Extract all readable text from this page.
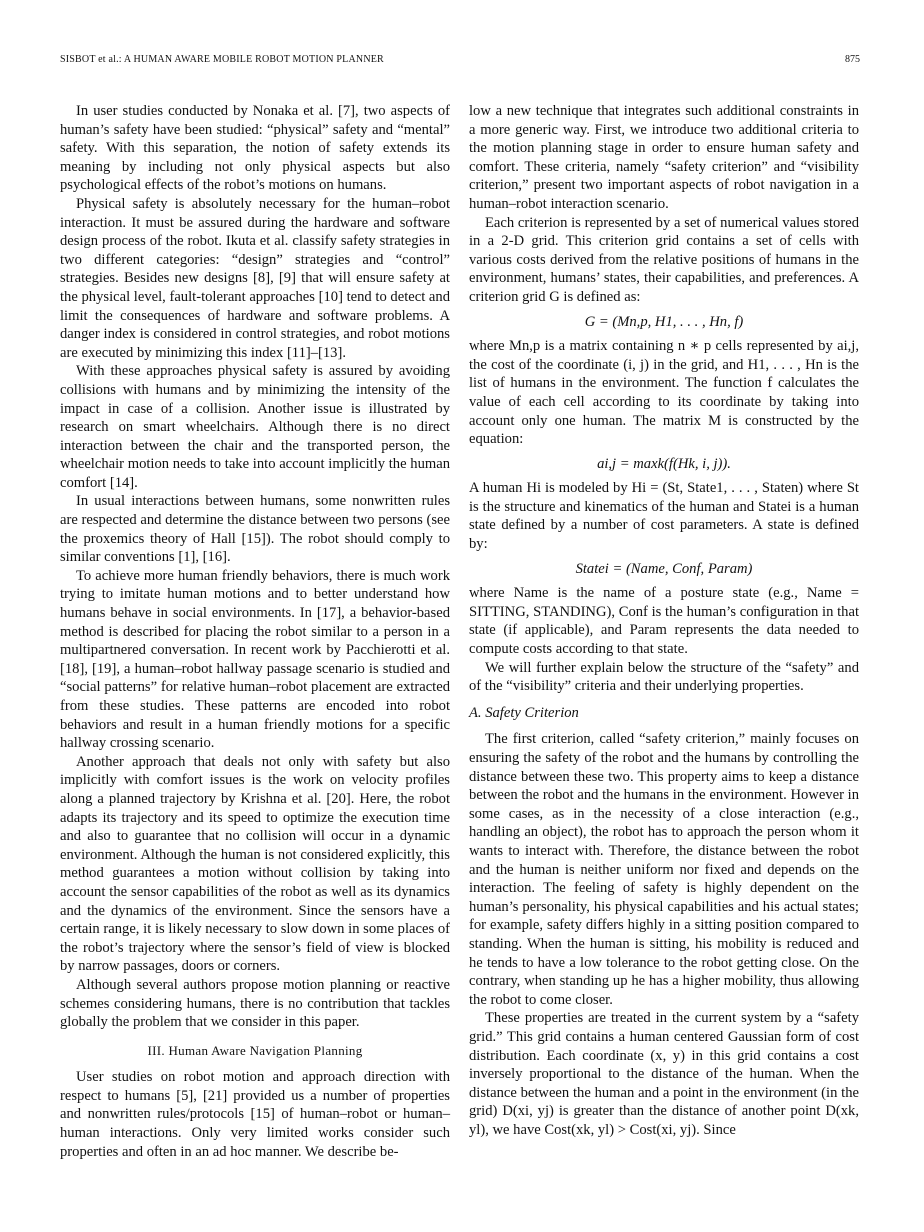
SISBOT et al.: A HUMAN AWARE MOBILE ROBOT MOTION PLANNER	875

In user studies conducted by Nonaka et al. [7], two aspects of human’s safety have been studied: “physical” safety and “mental” safety. With this separation, the notion of safety extends its meaning by including not only physical aspects but also psychological effects of the robot’s motions on humans.

Physical safety is absolutely necessary for the human–robot interaction. It must be assured during the hardware and software design process of the robot. Ikuta et al. classify safety strategies in two different categories: “design” strategies and “control” strategies. Besides new designs [8], [9] that will ensure safety at the physical level, fault-tolerant approaches [10] tend to detect and limit the consequences of hardware and software problems. A danger index is considered in control strategies, and robot motions are executed by minimizing this index [11]–[13].

With these approaches physical safety is assured by avoiding collisions with humans and by minimizing the intensity of the impact in case of a collision. Another issue is illustrated by research on smart wheelchairs. Although there is no direct interaction between the chair and the transported person, the wheelchair motion needs to take into account implicitly the human comfort [14].

In usual interactions between humans, some nonwritten rules are respected and determine the distance between two persons (see the proxemics theory of Hall [15]). The robot should comply to similar conventions [1], [16].

To achieve more human friendly behaviors, there is much work trying to imitate human motions and to better understand how humans behave in social environments. In [17], a behavior-based method is described for placing the robot similar to a person in a multipartnered conversation. In recent work by Pacchierotti et al. [18], [19], a human–robot hallway passage scenario is studied and “social patterns” for relative human–robot placement are extracted from these studies. These patterns are encoded into robot behaviors and result in a human friendly motions for a specific hallway crossing scenario.

Another approach that deals not only with safety but also implicitly with comfort issues is the work on velocity profiles along a planned trajectory by Krishna et al. [20]. Here, the robot adapts its trajectory and its speed to optimize the execution time and also to guarantee that no collision will occur in a dynamic environment. Although the human is not considered explicitly, this method guarantees a motion without collision by taking into account the sensor capabilities of the robot as well as its dynamics and the dynamics of the environment. Since the sensors have a certain range, it is likely necessary to slow down in some places of the robot’s trajectory where the sensor’s field of view is blocked by narrow passages, doors or corners.

Although several authors propose motion planning or reactive schemes considering humans, there is no contribution that tackles globally the problem that we consider in this paper.

III. Human Aware Navigation Planning

User studies on robot motion and approach direction with respect to humans [5], [21] provided us a number of properties and nonwritten rules/protocols [15] of human–robot or human–human interactions. Only very limited works consider such properties and often in an ad hoc manner. We describe be-

low a new technique that integrates such additional constraints in a more generic way. First, we introduce two additional criteria to the motion planning stage in order to ensure human safety and comfort. These criteria, namely “safety criterion” and “visibility criterion,” present two important aspects of robot navigation in a human–robot interaction scenario.

Each criterion is represented by a set of numerical values stored in a 2-D grid. This criterion grid contains a set of cells with various costs derived from the relative positions of humans in the environment, humans’ states, their capabilities, and preferences. A criterion grid G is defined as:

G = (Mn,p, H1, . . . , Hn, f)

where Mn,p is a matrix containing n ∗ p cells represented by ai,j, the cost of the coordinate (i, j) in the grid, and H1, . . . , Hn is the list of humans in the environment. The function f calculates the value of each cell according to its coordinate by taking into account only one human. The matrix M is constructed by the equation:

ai,j = maxk(f(Hk, i, j)).

A human Hi is modeled by Hi = (St, State1, . . . , Staten) where St is the structure and kinematics of the human and Statei is a human state defined by a number of cost parameters. A state is defined by:

Statei = (Name, Conf, Param)

where Name is the name of a posture state (e.g., Name = SITTING, STANDING), Conf is the human’s configuration in that state (if applicable), and Param represents the data needed to compute costs according to that state.

We will further explain below the structure of the “safety” and of the “visibility” criteria and their underlying properties.

A. Safety Criterion

The first criterion, called “safety criterion,” mainly focuses on ensuring the safety of the robot and the humans by controlling the distance between these two. This property aims to keep a distance between the robot and the humans in the environment. However in some cases, as in the necessity of a close interaction (e.g., handling an object), the robot has to approach the person whom it wants to interact with. Therefore, the distance between the robot and the human is neither uniform nor fixed and depends on the interaction. The feeling of safety is highly dependent on the human’s personality, his physical capabilities and his actual states; for example, safety differs highly in a sitting position compared to standing. When the human is sitting, his mobility is reduced and he tends to have a low tolerance to the robot getting close. On the contrary, when standing up he has a higher mobility, thus allowing the robot to come closer.

These properties are treated in the current system by a “safety grid.” This grid contains a human centered Gaussian form of cost distribution. Each coordinate (x, y) in this grid contains a cost inversely proportional to the distance of the human. When the distance between the human and a point in the environment (in the grid) D(xi, yj) is greater than the distance of another point D(xk, yl), we have Cost(xk, yl) > Cost(xi, yj). Since
